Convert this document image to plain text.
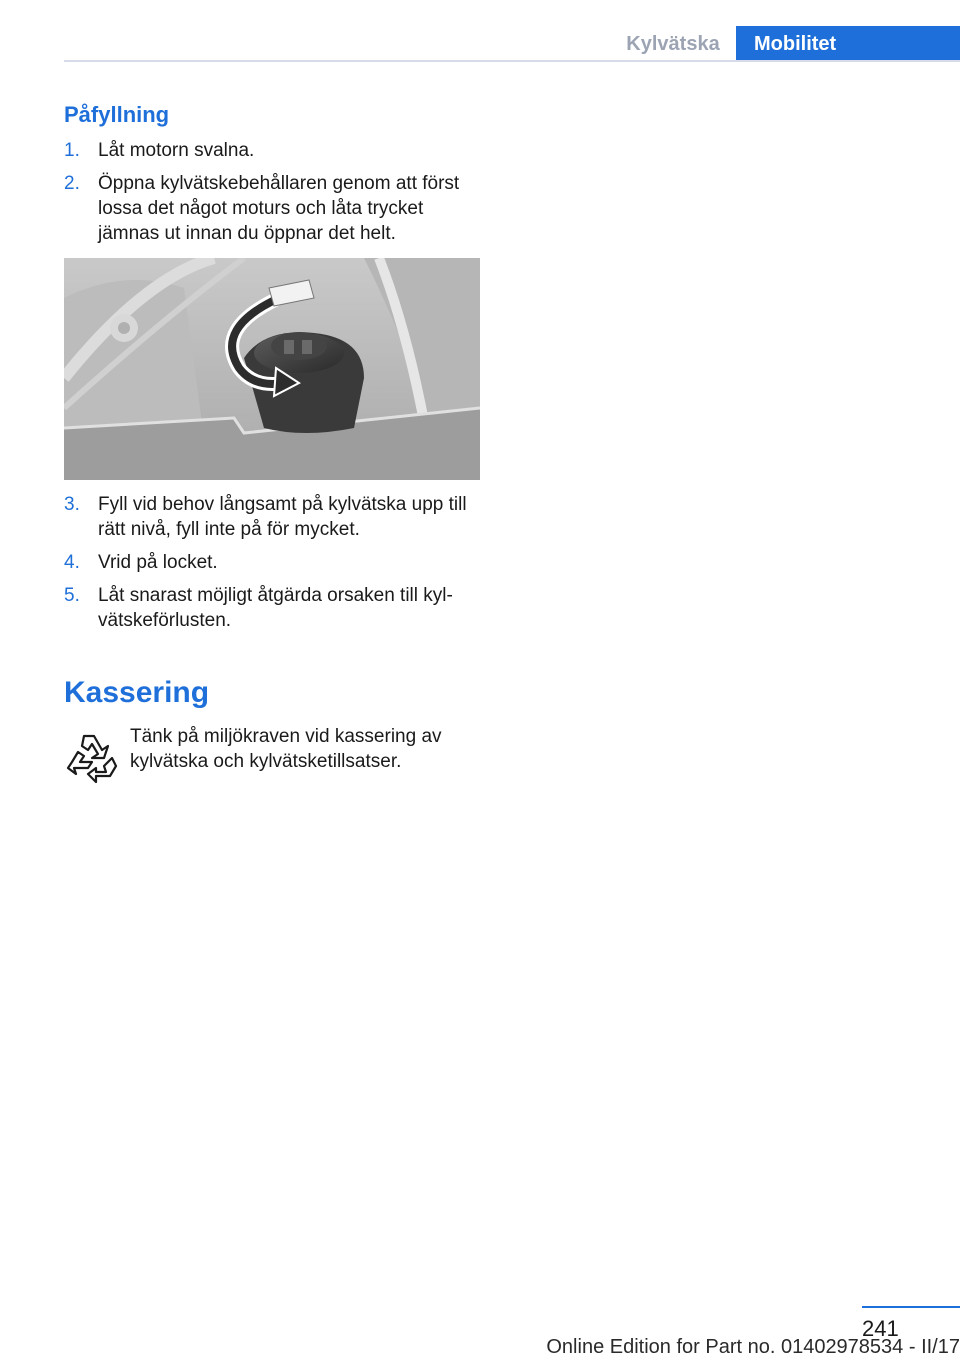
Kylvätska	Mobilitet
Påfyllning
1. Låt motorn svalna.
2. Öppna kylvätskebehållaren genom att först lossa det något moturs och låta trycket jämnas ut innan du öppnar det helt.
3. Fyll vid behov långsamt på kylvätska upp till rätt nivå, fyll inte på för mycket.
4. Vrid på locket.
5. Låt snarast möjligt åtgärda orsaken till kyl‐vätskeförlusten.
Kassering
Tänk på miljökraven vid kassering av kylvätska och kylvätsketillsatser.
241
Online Edition for Part no. 01402978534 - II/17
